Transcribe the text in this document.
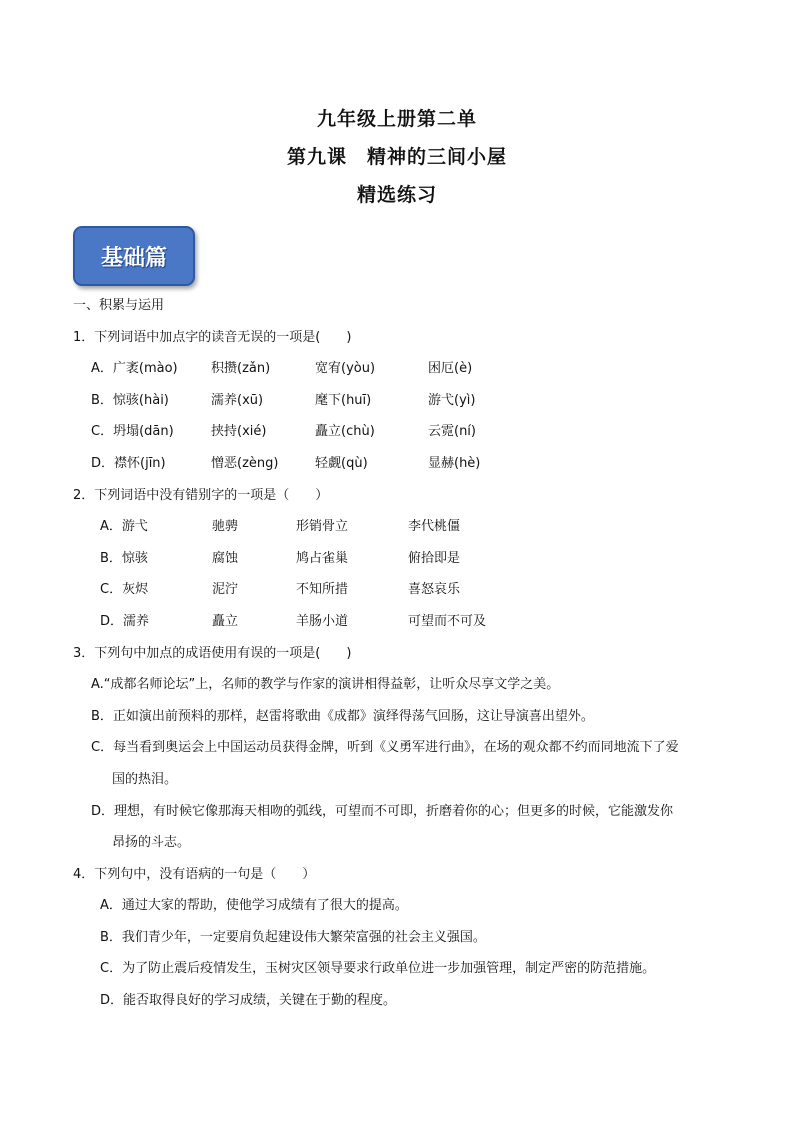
九年级上册第二单
第九课　精神的三间小屋
精选练习
基础篇
一、积累与运用
1．下列词语中加点字的读音无误的一项是(　　)
A．广袤(mào)	积攒(zǎn)	宽宥(yòu)	困厄(è)
B．惊骇(hài)	濡养(xū)	麾下(huī)	游弋(yì)
C．坍塌(dān)	挟持(xié)	矗立(chù)	云霓(ní)
D．襟怀(jīn)	憎恶(zèng)	轻觑(qù)	显赫(hè)
2．下列词语中没有错别字的一项是（　　）
A．游弋	驰骋	形销骨立	李代桃僵
B．惊骇	腐蚀	鸠占雀巢	俯拾即是
C．灰烬	泥泞	不知所措	喜怒哀乐
D．濡养	矗立	羊肠小道	可望而不可及
3．下列句中加点的成语使用有误的一项是(　　)
A.“成都名师论坛”上，名师的教学与作家的演讲相得益彰，让听众尽享文学之美。
B．正如演出前预料的那样，赵雷将歌曲《成都》演绎得荡气回肠，这让导演喜出望外。
C．每当看到奥运会上中国运动员获得金牌，听到《义勇军进行曲》，在场的观众都不约而同地流下了爱
国的热泪。
D．理想，有时候它像那海天相吻的弧线，可望而不可即，折磨着你的心；但更多的时候，它能激发你
昂扬的斗志。
4．下列句中，没有语病的一句是（　　）
A．通过大家的帮助，使他学习成绩有了很大的提高。
B．我们青少年，一定要肩负起建设伟大繁荣富强的社会主义强国。
C．为了防止震后疫情发生，玉树灾区领导要求行政单位进一步加强管理，制定严密的防范措施。
D．能否取得良好的学习成绩，关键在于勤的程度。
